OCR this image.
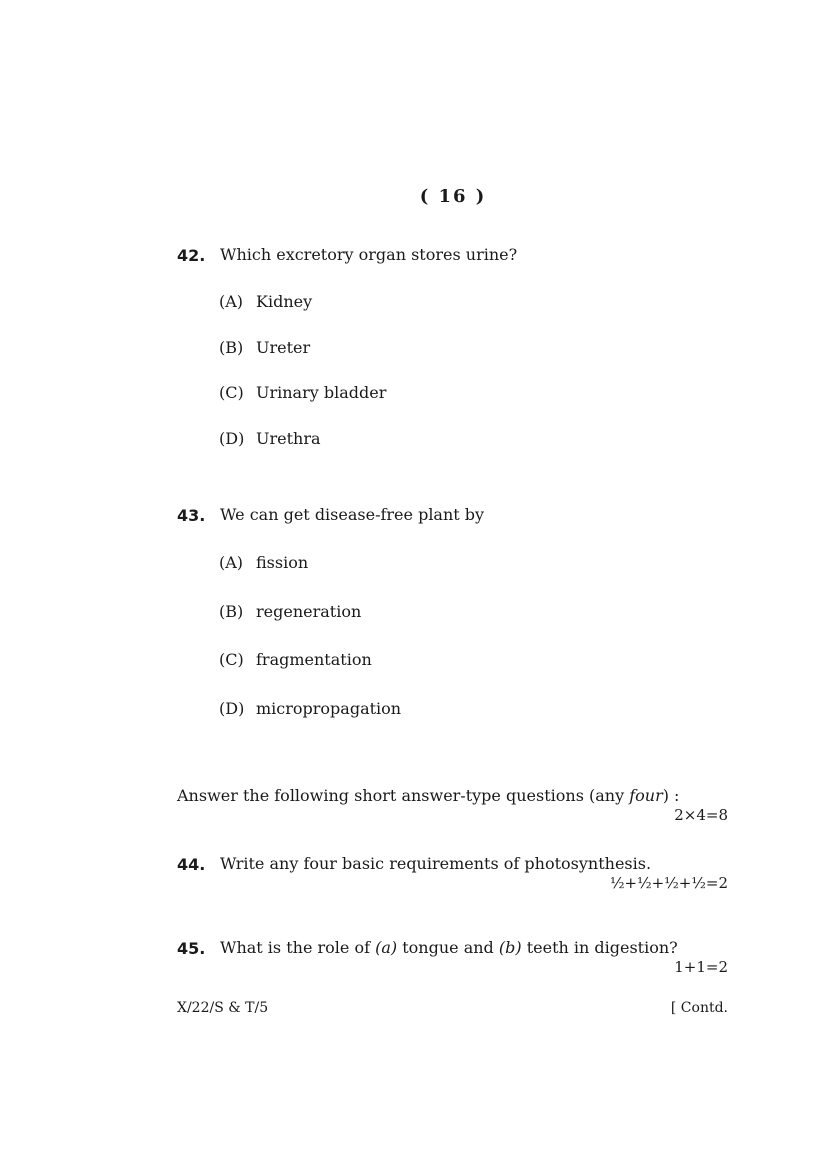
( 16 )
42. Which excretory organ stores urine?
(A) Kidney
(B) Ureter
(C) Urinary bladder
(D) Urethra
43. We can get disease-free plant by
(A) fission
(B) regeneration
(C) fragmentation
(D) micropropagation
Answer the following short answer-type questions (any four) :
2×4=8
44. Write any four basic requirements of photosynthesis.
½+½+½+½=2
45. What is the role of (a) tongue and (b) teeth in digestion?
1+1=2
X/22/S & T/5	[ Contd.
